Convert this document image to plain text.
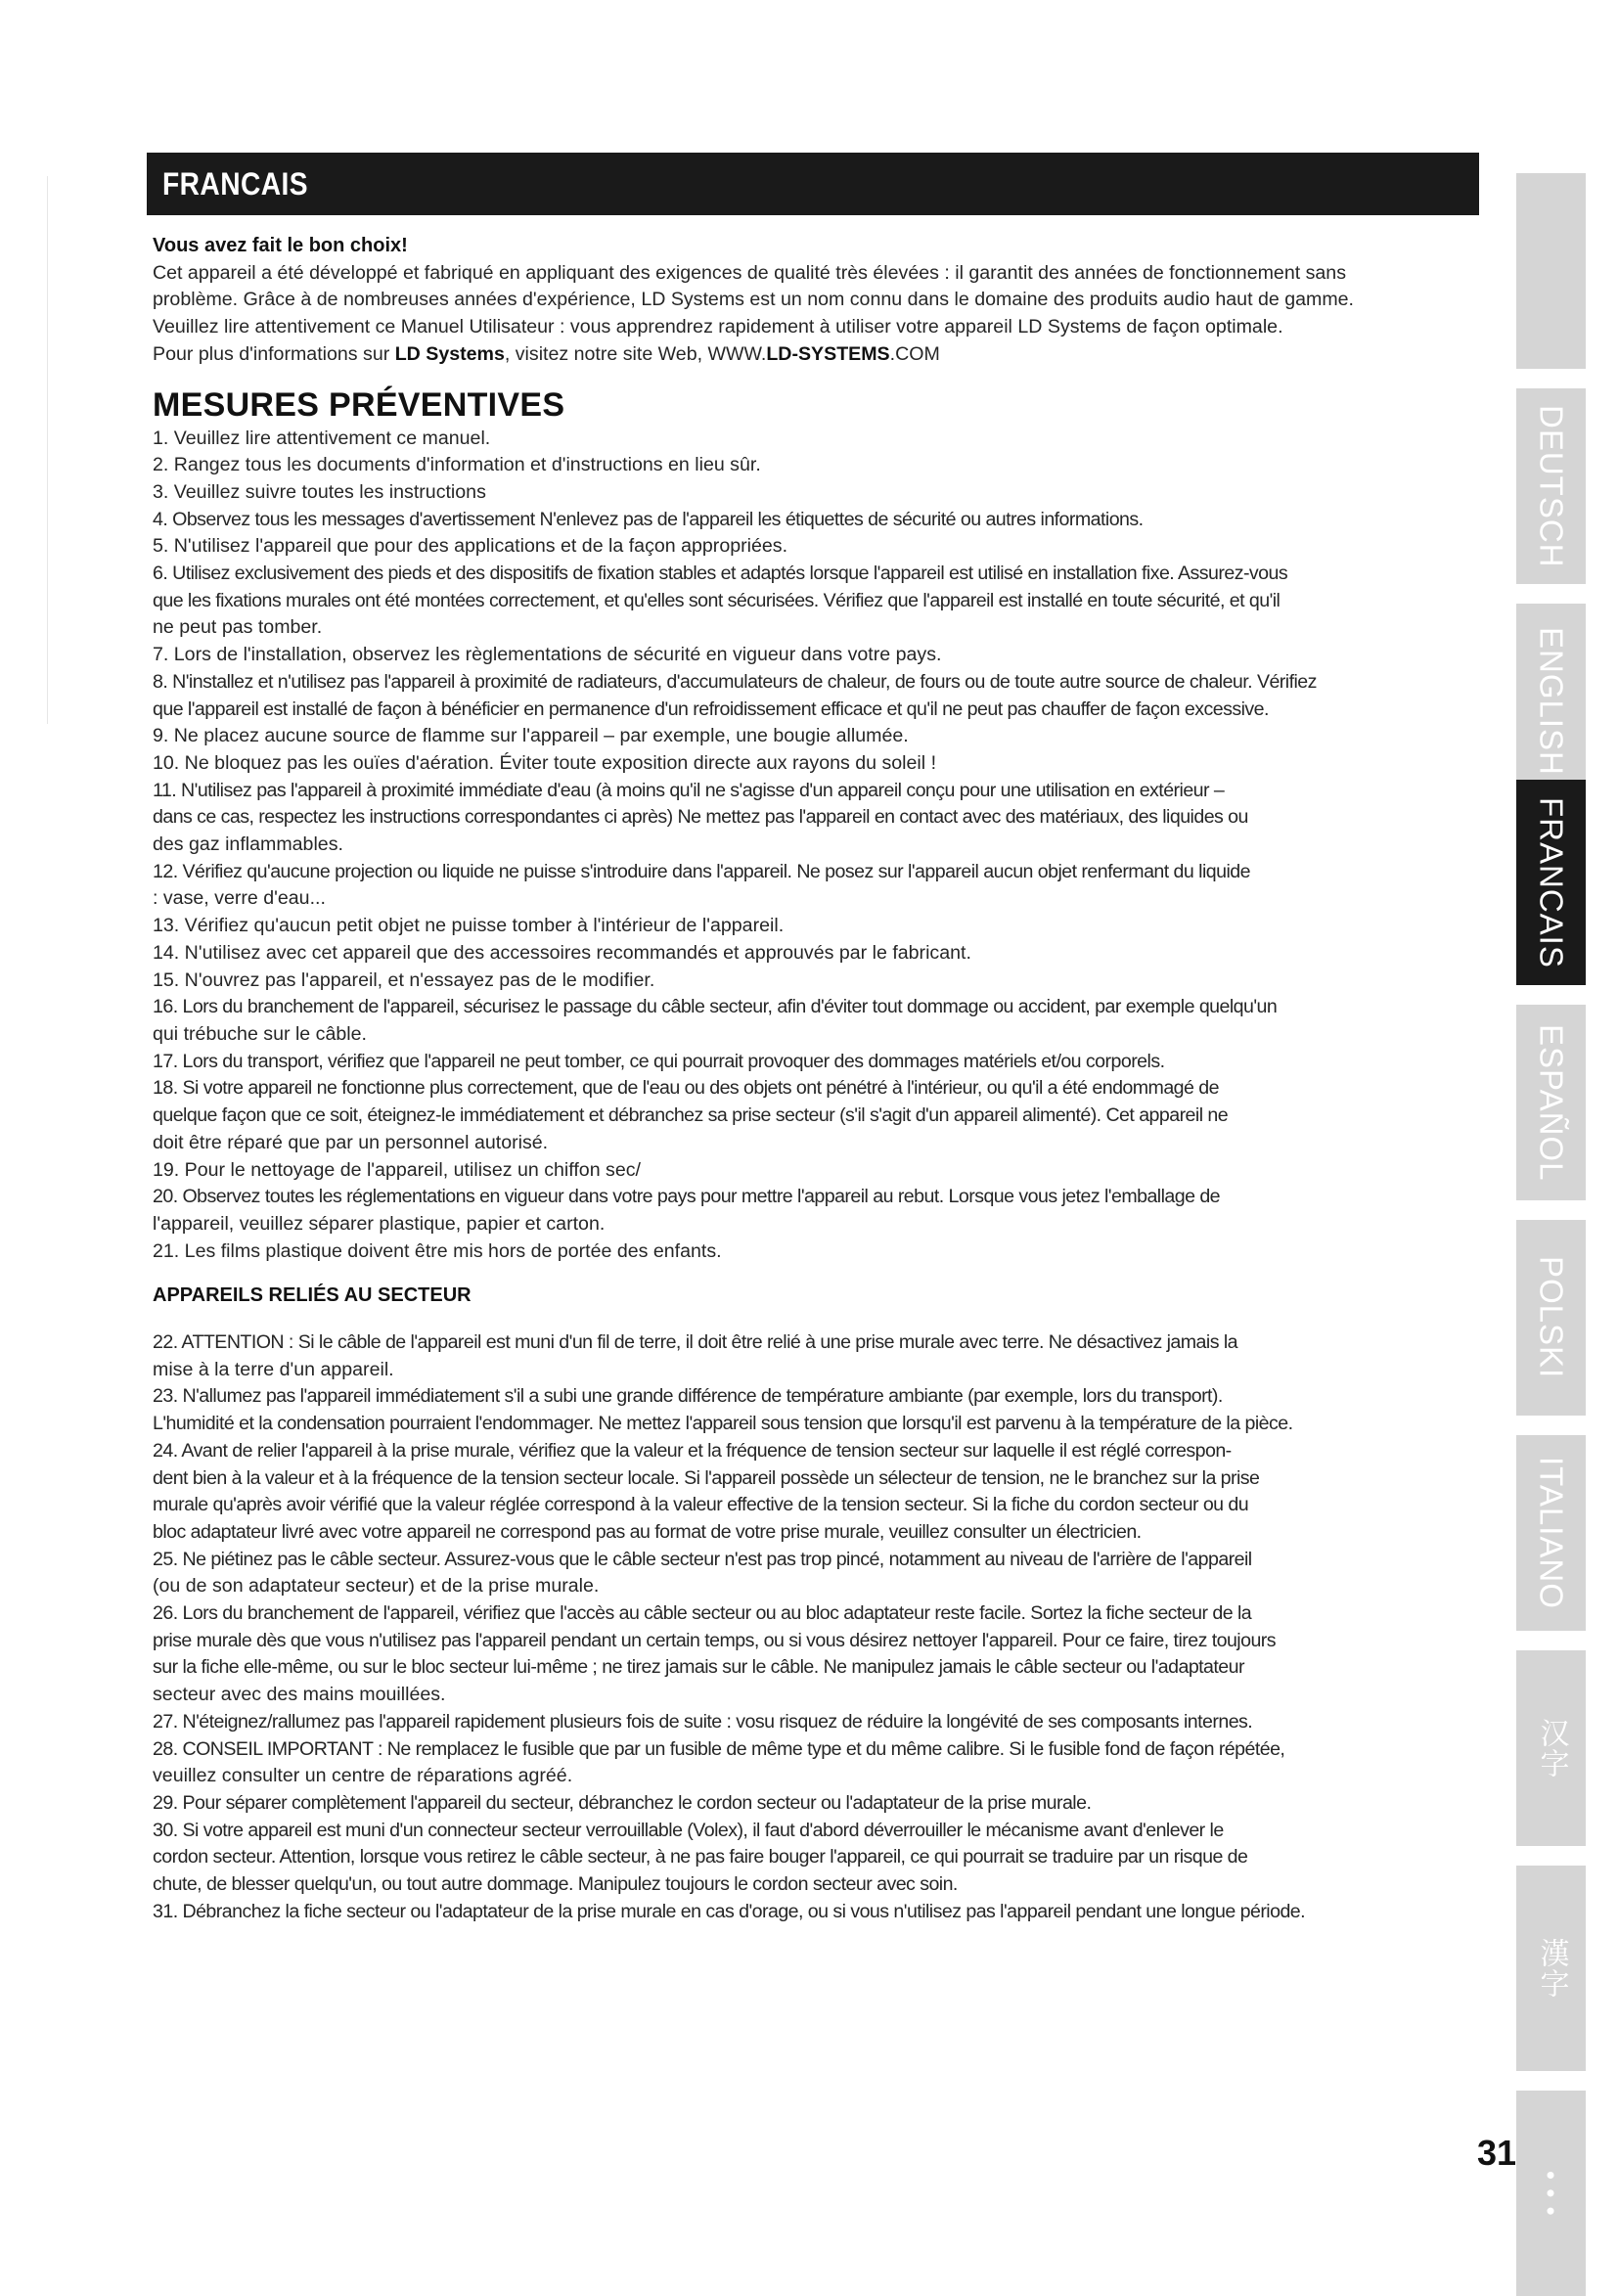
FRANCAIS

Vous avez fait le bon choix!

Cet appareil a été développé et fabriqué en appliquant des exigences de qualité très élevées : il garantit des années de fonctionnement sans

problème. Grâce à de nombreuses années d'expérience, LD Systems est un nom connu dans le domaine des produits audio haut de gamme.

Veuillez lire attentivement ce Manuel Utilisateur : vous apprendrez rapidement à utiliser votre appareil LD Systems de façon optimale.

Pour plus d'informations sur LD Systems, visitez notre site Web, WWW.LD-SYSTEMS.COM

MESURES PRÉVENTIVES

1. Veuillez lire attentivement ce manuel.

2. Rangez tous les documents d'information et d'instructions en lieu sûr.

3. Veuillez suivre toutes les instructions

4. Observez tous les messages d'avertissement N'enlevez pas de l'appareil les étiquettes de sécurité ou autres informations.

5. N'utilisez l'appareil que pour des applications et de la façon appropriées.

6. Utilisez exclusivement des pieds et des dispositifs de fixation stables et adaptés lorsque l'appareil est utilisé en installation fixe. Assurez-vous

que les fixations murales ont été montées correctement, et qu'elles sont sécurisées. Vérifiez que l'appareil est installé en toute sécurité, et qu'il

ne peut pas tomber.

7. Lors de l'installation, observez les règlementations de sécurité en vigueur dans votre pays.

8. N'installez et n'utilisez pas l'appareil à proximité de radiateurs, d'accumulateurs de chaleur, de fours ou de toute autre source de chaleur. Vérifiez

que l'appareil est installé de façon à bénéficier en permanence d'un refroidissement efficace et qu'il ne peut pas chauffer de façon excessive.

9. Ne placez aucune source de flamme sur l'appareil – par exemple, une bougie allumée.

10. Ne bloquez pas les ouïes d'aération. Éviter toute exposition directe aux rayons du soleil !

11. N'utilisez pas l'appareil à proximité immédiate d'eau (à moins qu'il ne s'agisse d'un appareil conçu pour une utilisation en extérieur –

dans ce cas, respectez les instructions correspondantes ci après) Ne mettez pas l'appareil en contact avec des matériaux, des liquides ou

des gaz inflammables.

12. Vérifiez qu'aucune projection ou liquide ne puisse s'introduire dans l'appareil. Ne posez sur l'appareil aucun objet renfermant du liquide

: vase, verre d'eau...

13. Vérifiez qu'aucun petit objet ne puisse tomber à l'intérieur de l'appareil.

14. N'utilisez avec cet appareil que des accessoires recommandés et approuvés par le fabricant.

15. N'ouvrez pas l'appareil, et n'essayez pas de le modifier.

16. Lors du branchement de l'appareil, sécurisez le passage du câble secteur, afin d'éviter tout dommage ou accident, par exemple quelqu'un

qui trébuche sur le câble.

17. Lors du transport, vérifiez que l'appareil ne peut tomber, ce qui pourrait provoquer des dommages matériels et/ou corporels.

18. Si votre appareil ne fonctionne plus correctement, que de l'eau ou des objets ont pénétré à l'intérieur, ou qu'il a été endommagé de

quelque façon que ce soit, éteignez-le immédiatement et débranchez sa prise secteur (s'il s'agit d'un appareil alimenté). Cet appareil ne

doit être réparé que par un personnel autorisé.

19. Pour le nettoyage de l'appareil, utilisez un chiffon sec/

20. Observez toutes les réglementations en vigueur dans votre pays pour mettre l'appareil au rebut. Lorsque vous jetez l'emballage de

l'appareil, veuillez séparer plastique, papier et carton.

21. Les films plastique doivent être mis hors de portée des enfants.

APPAREILS RELIÉS AU SECTEUR

22. ATTENTION : Si le câble de l'appareil est muni d'un fil de terre, il doit être relié à une prise murale avec terre. Ne désactivez jamais la

mise à la terre d'un appareil.

23. N'allumez pas l'appareil immédiatement s'il a subi une grande différence de température ambiante (par exemple, lors du transport).

L'humidité et la condensation pourraient l'endommager. Ne mettez l'appareil sous tension que lorsqu'il est parvenu à la température de la pièce.

24. Avant de relier l'appareil à la prise murale, vérifiez que la valeur et la fréquence de tension secteur sur laquelle il est réglé correspon-

dent bien à la valeur et à la fréquence de la tension secteur locale. Si l'appareil possède un sélecteur de tension, ne le branchez sur la prise

murale qu'après avoir vérifié que la valeur réglée correspond à la valeur effective de la tension secteur. Si la fiche du cordon secteur ou du

bloc adaptateur livré avec votre appareil ne correspond pas au format de votre prise murale, veuillez consulter un électricien.

25. Ne piétinez pas le câble secteur. Assurez-vous que le câble secteur n'est pas trop pincé, notamment au niveau de l'arrière de l'appareil

(ou de son adaptateur secteur) et de la prise murale.

26. Lors du branchement de l'appareil, vérifiez que l'accès au câble secteur ou au bloc adaptateur reste facile. Sortez la fiche secteur de la

prise murale dès que vous n'utilisez pas l'appareil pendant un certain temps, ou si vous désirez nettoyer l'appareil. Pour ce faire, tirez toujours

sur la fiche elle-même, ou sur le bloc secteur lui-même ; ne tirez jamais sur le câble. Ne manipulez jamais le câble secteur ou l'adaptateur

secteur avec des mains mouillées.

27. N'éteignez/rallumez pas l'appareil rapidement plusieurs fois de suite : vosu risquez de réduire la longévité de ses composants internes.

28. CONSEIL IMPORTANT : Ne remplacez le fusible que par un fusible de même type et du même calibre. Si le fusible fond de façon répétée,

veuillez consulter un centre de réparations agréé.

29. Pour séparer complètement l'appareil du secteur, débranchez le cordon secteur ou l'adaptateur de la prise murale.

30. Si votre appareil est muni d'un connecteur secteur verrouillable (Volex), il faut d'abord déverrouiller le mécanisme avant d'enlever le

cordon secteur. Attention, lorsque vous retirez le câble secteur, à ne pas faire bouger l'appareil, ce qui pourrait se traduire par un risque de

chute, de blesser quelqu'un, ou tout autre dommage. Manipulez toujours le cordon secteur avec soin.

31. Débranchez la fiche secteur ou l'adaptateur de la prise murale en cas d'orage, ou si vous n'utilisez pas l'appareil pendant une longue période.

DEUTSCH
ENGLISH
FRANCAIS
ESPAÑOL
POLSKI
ITALIANO
汉字
漢字
• • •
31
